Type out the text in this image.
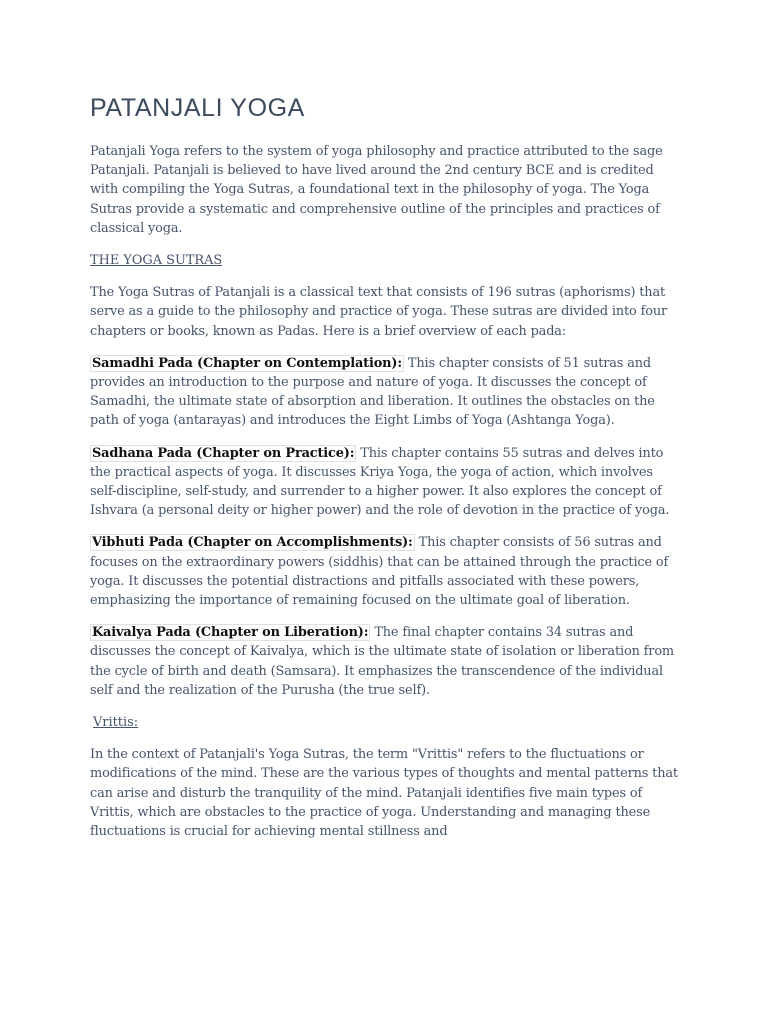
PATANJALI YOGA

Patanjali Yoga refers to the system of yoga philosophy and practice attributed to the sage Patanjali. Patanjali is believed to have lived around the 2nd century BCE and is credited with compiling the Yoga Sutras, a foundational text in the philosophy of yoga. The Yoga Sutras provide a systematic and comprehensive outline of the principles and practices of classical yoga.

THE YOGA SUTRAS

The Yoga Sutras of Patanjali is a classical text that consists of 196 sutras (aphorisms) that serve as a guide to the philosophy and practice of yoga. These sutras are divided into four chapters or books, known as Padas. Here is a brief overview of each pada:

Samadhi Pada (Chapter on Contemplation): This chapter consists of 51 sutras and provides an introduction to the purpose and nature of yoga. It discusses the concept of Samadhi, the ultimate state of absorption and liberation. It outlines the obstacles on the path of yoga (antarayas) and introduces the Eight Limbs of Yoga (Ashtanga Yoga).

Sadhana Pada (Chapter on Practice): This chapter contains 55 sutras and delves into the practical aspects of yoga. It discusses Kriya Yoga, the yoga of action, which involves self-discipline, self-study, and surrender to a higher power. It also explores the concept of Ishvara (a personal deity or higher power) and the role of devotion in the practice of yoga.

Vibhuti Pada (Chapter on Accomplishments): This chapter consists of 56 sutras and focuses on the extraordinary powers (siddhis) that can be attained through the practice of yoga. It discusses the potential distractions and pitfalls associated with these powers, emphasizing the importance of remaining focused on the ultimate goal of liberation.

Kaivalya Pada (Chapter on Liberation): The final chapter contains 34 sutras and discusses the concept of Kaivalya, which is the ultimate state of isolation or liberation from the cycle of birth and death (Samsara). It emphasizes the transcendence of the individual self and the realization of the Purusha (the true self).

Vrittis:

In the context of Patanjali's Yoga Sutras, the term "Vrittis" refers to the fluctuations or modifications of the mind. These are the various types of thoughts and mental patterns that can arise and disturb the tranquility of the mind. Patanjali identifies five main types of Vrittis, which are obstacles to the practice of yoga. Understanding and managing these fluctuations is crucial for achieving mental stillness and
